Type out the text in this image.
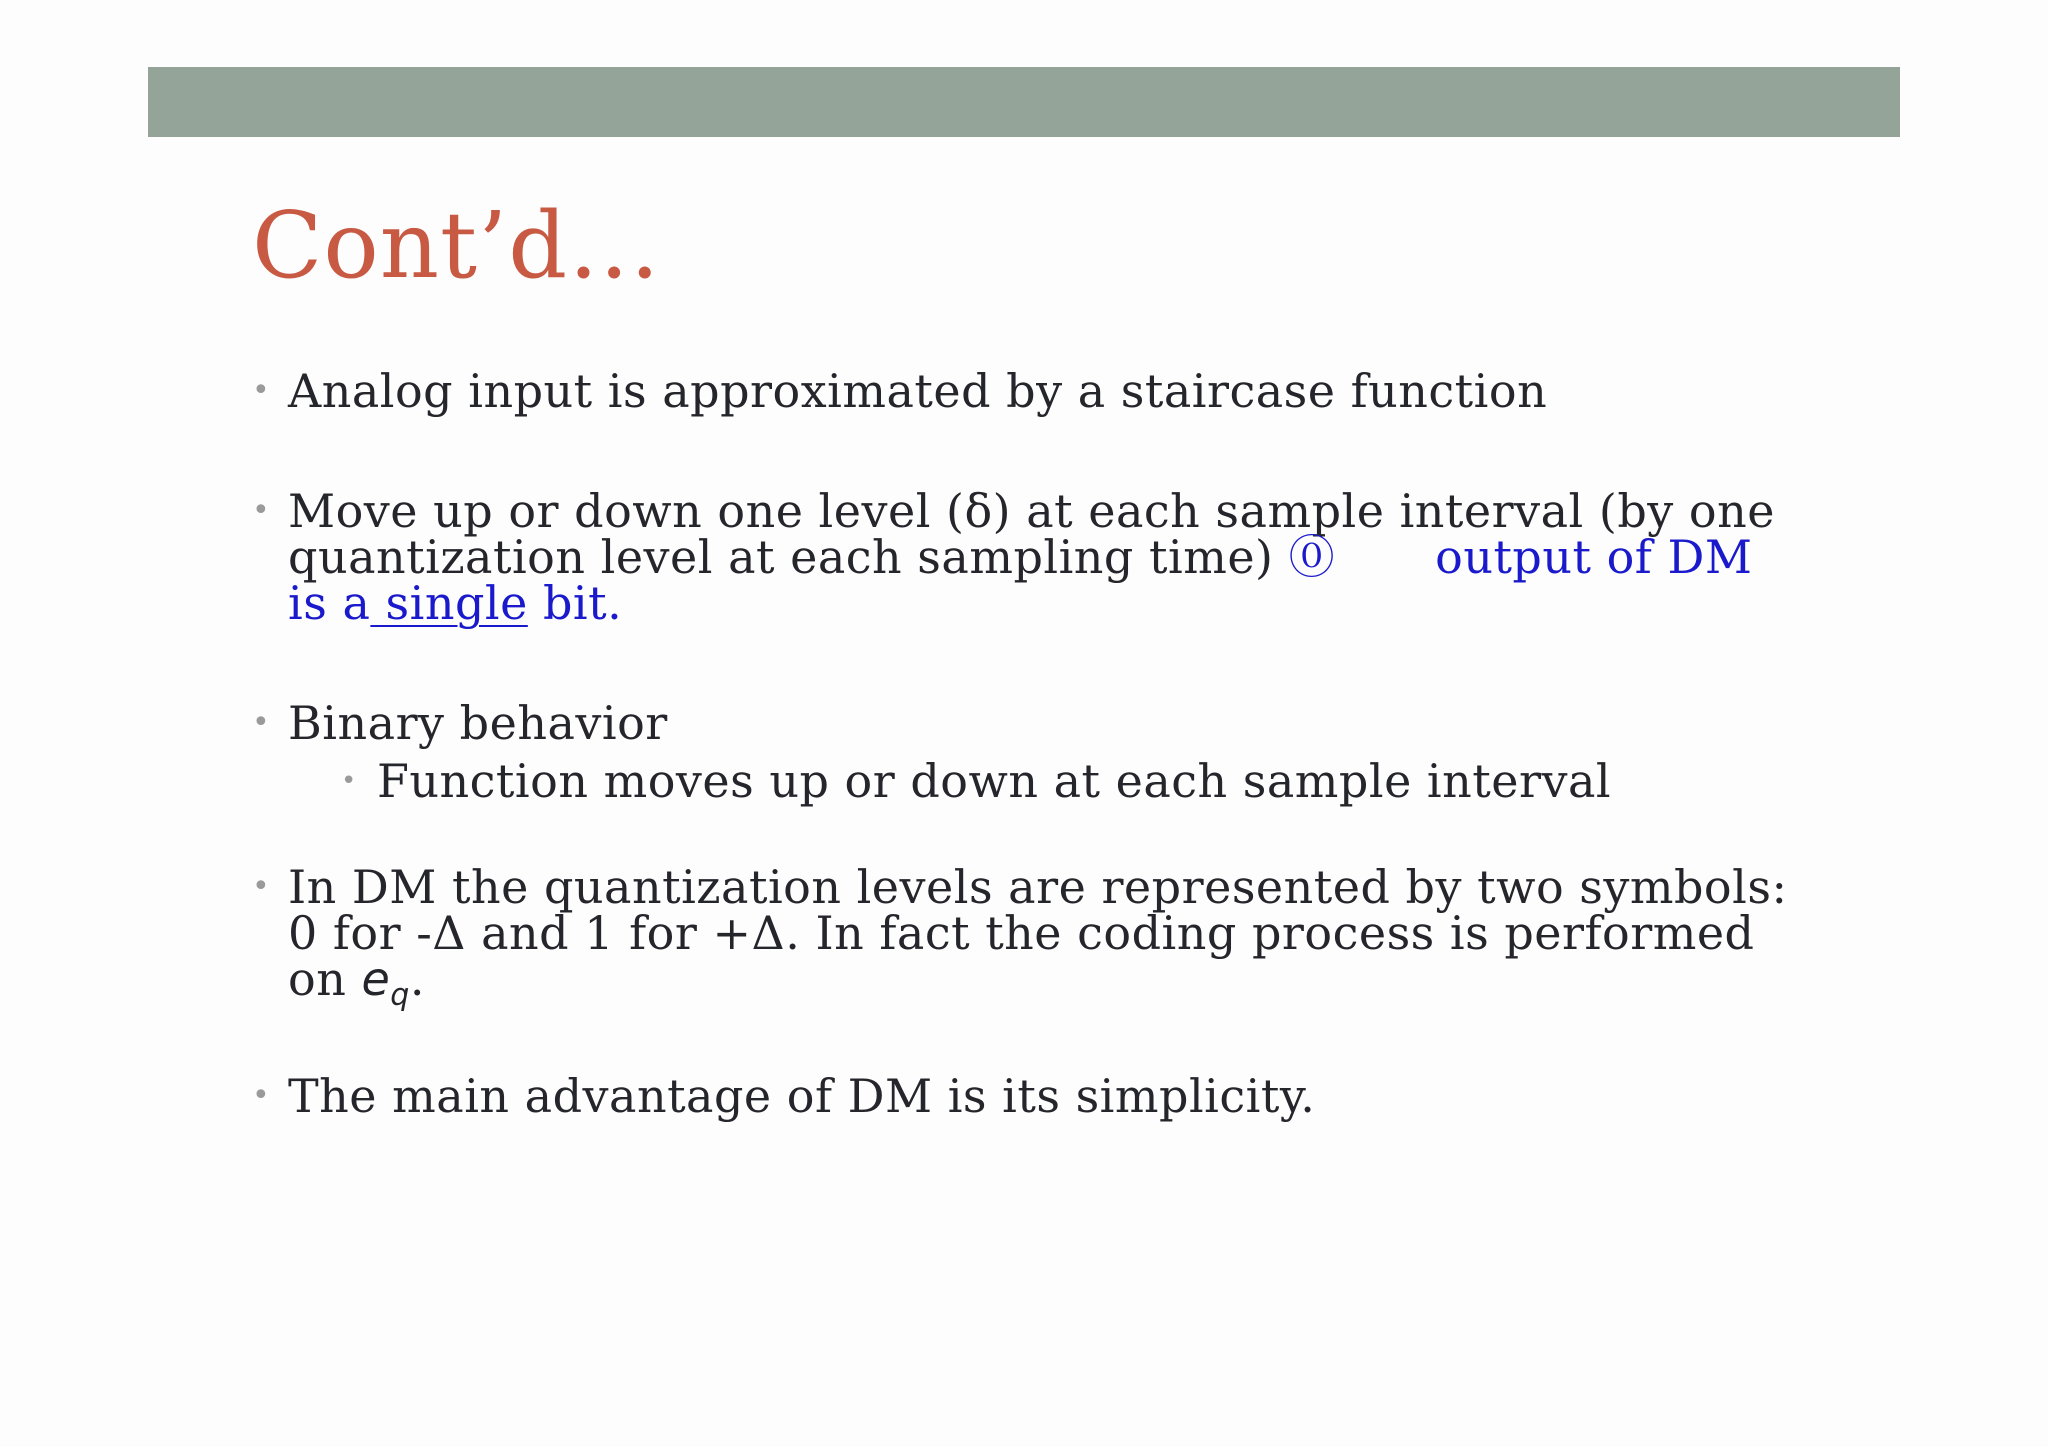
Cont’d…
• Analog input is approximated by a staircase function
• Move up or down one level (δ) at each sample interval (by one quantization level at each sampling time) ⓪ output of DM is a single bit.
• Binary behavior
• Function moves up or down at each sample interval
• In DM the quantization levels are represented by two symbols: 0 for -Δ and 1 for +Δ. In fact the coding process is performed on $e_q$.
• The main advantage of DM is its simplicity.
